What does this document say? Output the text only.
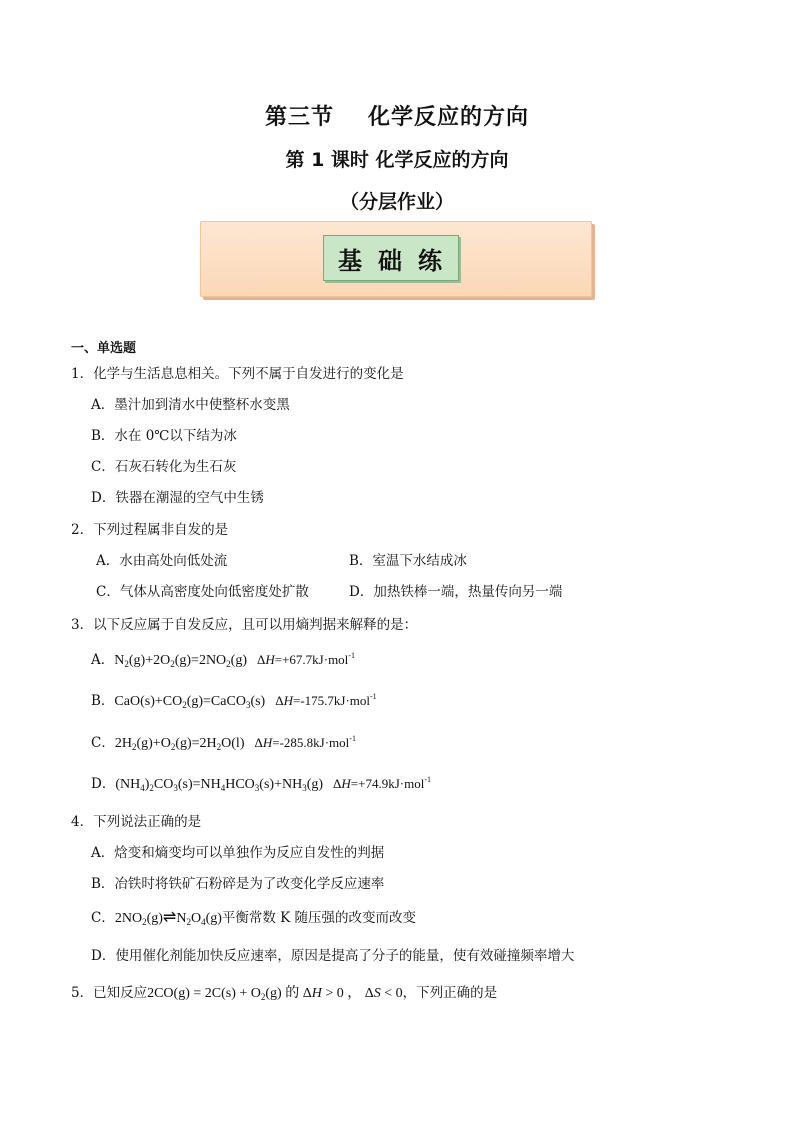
第三节 化学反应的方向
第 1 课时 化学反应的方向
（分层作业）
基础练
一、单选题
1．化学与生活息息相关。下列不属于自发进行的变化是
A．墨汁加到清水中使整杯水变黑
B．水在 0℃以下结为冰
C．石灰石转化为生石灰
D．铁器在潮湿的空气中生锈
2．下列过程属非自发的是
A．水由高处向低处流	B．室温下水结成冰
C．气体从高密度处向低密度处扩散	D．加热铁棒一端，热量传向另一端
3．以下反应属于自发反应，且可以用熵判据来解释的是：
A．$N_2(g)+2O_2(g)=2NO_2(g)$ ΔH=+67.7kJ·mol$^{-1}$
B．$CaO(s)+CO_2(g)=CaCO_3(s)$ ΔH=-175.7kJ·mol$^{-1}$
C．$2H_2(g)+O_2(g)=2H_2O(l)$ ΔH=-285.8kJ·mol$^{-1}$
D．$(NH_4)_2CO_3(s)=NH_4HCO_3(s)+NH_3(g)$ ΔH=+74.9kJ·mol$^{-1}$
4．下列说法正确的是
A．焓变和熵变均可以单独作为反应自发性的判据
B．冶铁时将铁矿石粉碎是为了改变化学反应速率
C．$2NO_2(g)\rightleftharpoons N_2O_4(g)$平衡常数 K 随压强的改变而改变
D．使用催化剂能加快反应速率，原因是提高了分子的能量，使有效碰撞频率增大
5．已知反应$2CO(g) = 2C(s) + O_2(g)$ 的 ΔH > 0 ， ΔS < 0，下列正确的是
